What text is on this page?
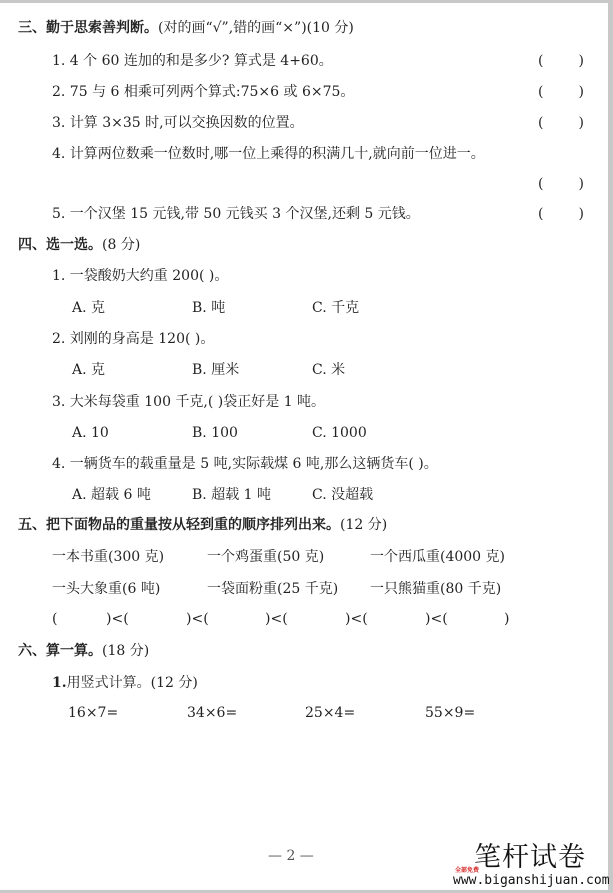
三、勤于思索善判断。(对的画“√”,错的画“×”)(10 分)
1. 4 个 60 连加的和是多少? 算式是 4+60。	(	)
2. 75 与 6 相乘可列两个算式:75×6 或 6×75。	(	)
3. 计算 3×35 时,可以交换因数的位置。	(	)
4. 计算两位数乘一位数时,哪一位上乘得的积满几十,就向前一位进一。
(	)
5. 一个汉堡 15 元钱,带 50 元钱买 3 个汉堡,还剩 5 元钱。	(	)
四、选一选。(8 分)
1. 一袋酸奶大约重 200( )。
A. 克	B. 吨	C. 千克
2. 刘刚的身高是 120( )。
A. 克	B. 厘米	C. 米
3. 大米每袋重 100 千克,( )袋正好是 1 吨。
A. 10	B. 100	C. 1000
4. 一辆货车的载重量是 5 吨,实际载煤 6 吨,那么这辆货车( )。
A. 超载 6 吨	B. 超载 1 吨	C. 没超载
五、把下面物品的重量按从轻到重的顺序排列出来。(12 分)
一本书重(300 克)	一个鸡蛋重(50 克)	一个西瓜重(4000 克)
一头大象重(6 吨)	一袋面粉重(25 千克) 一只熊猫重(80 千克)
(	)<(	)<(	)<(	)<(	)<(	)
六、算一算。(18 分)
1.用竖式计算。(12 分)
16×7=	34×6=	25×4=	55×9=
— 2 —	笔杆试卷
全部免费
www.biganshijuan.com
